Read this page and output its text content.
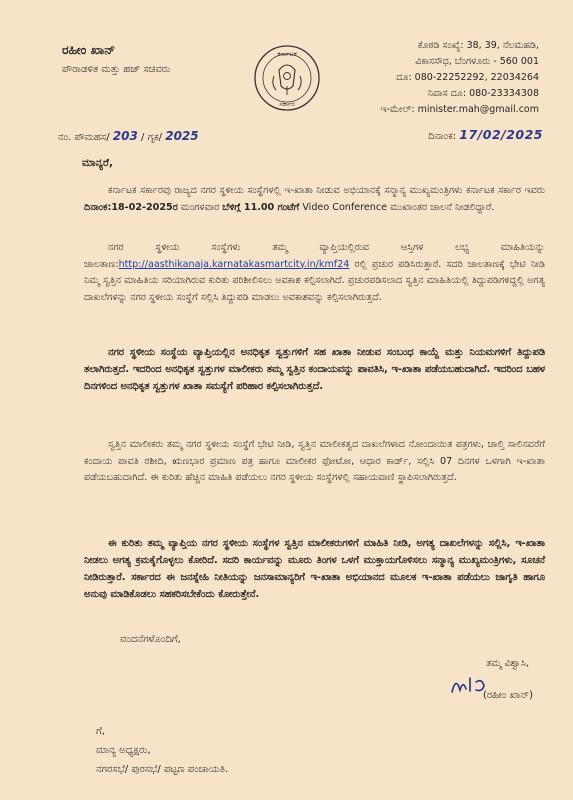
ರಹೀಂ ಖಾನ್
ಪೌರಾಡಳಿತ ಮತ್ತು ಹಜ್ ಸಚಿವರು
ಕರ್ನಾಟಕ
ಸರ್ಕಾರ
ಕೊಠಡಿ ಸಂಖ್ಯೆ: 38, 39, ನೆಲಮಹಡಿ,
ವಿಕಾಸಸೌಧ, ಬೆಂಗಳೂರು - 560 001
ದೂ: 080-22252292, 22034264
ನಿವಾಸ ದೂ: 080-23334308
ಇ-ಮೇಲ್: minister.mah@gmail.com
ನಂ. ಪೌಮಹಸ/ 203 / ಗೃಕ/ 2025	ದಿನಾಂಕ: 17/02/2025
ಮಾನ್ಯರೆ,
ಕರ್ನಾಟಕ ಸರ್ಕಾರವು ರಾಜ್ಯದ ನಗರ ಸ್ಥಳೀಯ ಸಂಸ್ಥೆಗಳಲ್ಲಿ ಇ-ಖಾತಾ ನೀಡುವ ಅಭಿಯಾನಕ್ಕೆ ಸನ್ಮಾನ್ಯ ಮುಖ್ಯಮಂತ್ರಿಗಳು ಕರ್ನಾಟಕ ಸರ್ಕಾರ ಇವರು ದಿನಾಂಕ:18-02-2025ರ ಮಂಗಳವಾರ ಬೆಳಿಗ್ಗೆ 11.00 ಗಂಟೆಗೆ Video Conference ಮುಖಾಂತರ ಚಾಲನೆ ನೀಡಲಿದ್ದಾರೆ.
ನಗರ ಸ್ಥಳೀಯ ಸಂಸ್ಥೆಗಳು ತಮ್ಮ ವ್ಯಾಪ್ತಿಯಲ್ಲಿರುವ ಆಸ್ತಿಗಳ ಲಭ್ಯ ಮಾಹಿತಿಯನ್ನು ಜಾಲತಾಣ:http://aasthikanaja.karnatakasmartcity.in/kmf24 ರಲ್ಲಿ ಪ್ರಚುರ ಪಡಿಸಿರುತ್ತಾರೆ. ಸದರಿ ಜಾಲತಾಣಕ್ಕೆ ಭೇಟಿ ನೀಡಿ ನಿಮ್ಮ ಸ್ವತ್ತಿನ ಮಾಹಿತಿಯ ಸರಿಯಾಗಿರುವ ಕುರಿತು ಪರಿಶೀಲಿಸಲು ಅವಕಾಶ ಕಲ್ಪಿಸಲಾಗಿದೆ. ಪ್ರಚುರಪಡಿಸಲಾದ ಸ್ವತ್ತಿನ ಮಾಹಿತಿಯಲ್ಲಿ ತಿದ್ದುಪಡಿಗಳಿದ್ದಲ್ಲಿ ಅಗತ್ಯ ದಾಖಲೆಗಳನ್ನು ನಗರ ಸ್ಥಳೀಯ ಸಂಸ್ಥೆಗೆ ಸಲ್ಲಿಸಿ ತಿದ್ದುಪಡಿ ಮಾಡಲು ಅವಕಾಶವನ್ನು ಕಲ್ಪಿಸಲಾಗಿರುತ್ತದೆ.
ನಗರ ಸ್ಥಳೀಯ ಸಂಸ್ಥೆಯ ವ್ಯಾಪ್ತಿಯಲ್ಲಿನ ಅನಧಿಕೃತ ಸ್ವತ್ತುಗಳಿಗೆ ಸಹ ಖಾತಾ ನೀಡುವ ಸಂಬಂಧ ಕಾಯ್ದೆ ಮತ್ತು ನಿಯಮಗಳಿಗೆ ತಿದ್ದುಪಡಿ ತಲಾಗಿರುತ್ತದೆ. ಇದರಿಂದ ಅನಧಿಕೃತ ಸ್ವತ್ತುಗಳ ಮಾಲೀಕರು ತಮ್ಮ ಸ್ವತ್ತಿನ ಕಂದಾಯವನ್ನು ಪಾವತಿಸಿ, ಇ-ಖಾತಾ ಪಡೆಯಬಹುದಾಗಿದೆ. ಇದರಿಂದ ಬಹಳ ದಿನಗಳಿಂದ ಅನಧಿಕೃತ ಸ್ವತ್ತುಗಳ ಖಾತಾ ಸಮಸ್ಯೆಗೆ ಪರಿಹಾರ ಕಲ್ಪಿಸಲಾಗಿರುತ್ತದೆ.
ಸ್ವತ್ತಿನ ಮಾಲೀಕರು ತಮ್ಮ ನಗರ ಸ್ಥಳೀಯ ಸಂಸ್ಥೆಗೆ ಭೇಟಿ ನೀಡಿ, ಸ್ವತ್ತಿನ ಮಾಲೀಕತ್ವದ ದಾಖಲೆಗಳಾದ ನೋಂದಾಯಿತ ಪತ್ರಗಳು, ಚಾಲ್ತಿ ಸಾಲಿನವರೆಗೆ ಕಂದಾಯ ಪಾವತಿ ರಶೀದಿ, ಋಣಭಾರ ಪ್ರಮಾಣ ಪತ್ರ ಹಾಗೂ ಮಾಲೀಕರ ಫೋಟೋ, ಆಧಾರ ಕಾರ್ಡ್, ಸಲ್ಲಿಸಿ 07 ದಿನಗಳ ಒಳಗಾಗಿ ಇ-ಖಾತಾ ಪಡೆಯಬಹುದಾಗಿದೆ. ಈ ಕುರಿತು ಹೆಚ್ಚಿನ ಮಾಹಿತಿ ಪಡೆಯಲು ನಗರ ಸ್ಥಳೀಯ ಸಂಸ್ಥೆಗಳಲ್ಲಿ ಸಹಾಯವಾಣಿ ಸ್ಥಾಪಿಸಲಾಗಿರುತ್ತದೆ.
ಈ ಕುರಿತು ತಮ್ಮ ವ್ಯಾಪ್ತಿಯ ನಗರ ಸ್ಥಳೀಯ ಸಂಸ್ಥೆಗಳ ಸ್ವತ್ತಿನ ಮಾಲೀಕರುಗಳಿಗೆ ಮಾಹಿತಿ ನೀಡಿ, ಅಗತ್ಯ ದಾಖಲೆಗಳನ್ನು ಸಲ್ಲಿಸಿ, ಇ-ಖಾತಾ ನೀಡಲು ಅಗತ್ಯ ಕ್ರಮಕೈಗೊಳ್ಳಲು ಕೋರಿದೆ. ಸದರಿ ಕಾರ್ಯವನ್ನು ಮೂರು ತಿಂಗಳ ಒಳಗೆ ಮುಕ್ತಾಯಗೊಳಿಸಲು ಸನ್ಮಾನ್ಯ ಮುಖ್ಯಮಂತ್ರಿಗಳು, ಸೂಚನೆ ನೀಡಿರುತ್ತಾರೆ. ಸರ್ಕಾರದ ಈ ಜನಸ್ನೇಹಿ ನೀತಿಯನ್ನು ಜನಸಾಮಾನ್ಯರಿಗೆ ಇ-ಖಾತಾ ಅಭಿಯಾನದ ಮೂಲಕ ಇ-ಖಾತಾ ಪಡೆಯಲು ಜಾಗೃತಿ ಹಾಗೂ ಅನುವು ಮಾಡಿಕೊಡಲು ಸಹಕರಿಸಬೇಕೆಂದು ಕೋರುತ್ತೇನೆ.
ವಂದನೆಗಳೊಂದಿಗೆ,
ತಮ್ಮ ವಿಶ್ವಾಸಿ,
(ರಹೀಂ ಖಾನ್)
ಗೆ,
ಮಾನ್ಯ ಅಧ್ಯಕ್ಷರು,
ನಗರಸಭೆ/ ಪುರಸಭೆ/ ಪಟ್ಟಣ ಪಂಚಾಯತಿ.
